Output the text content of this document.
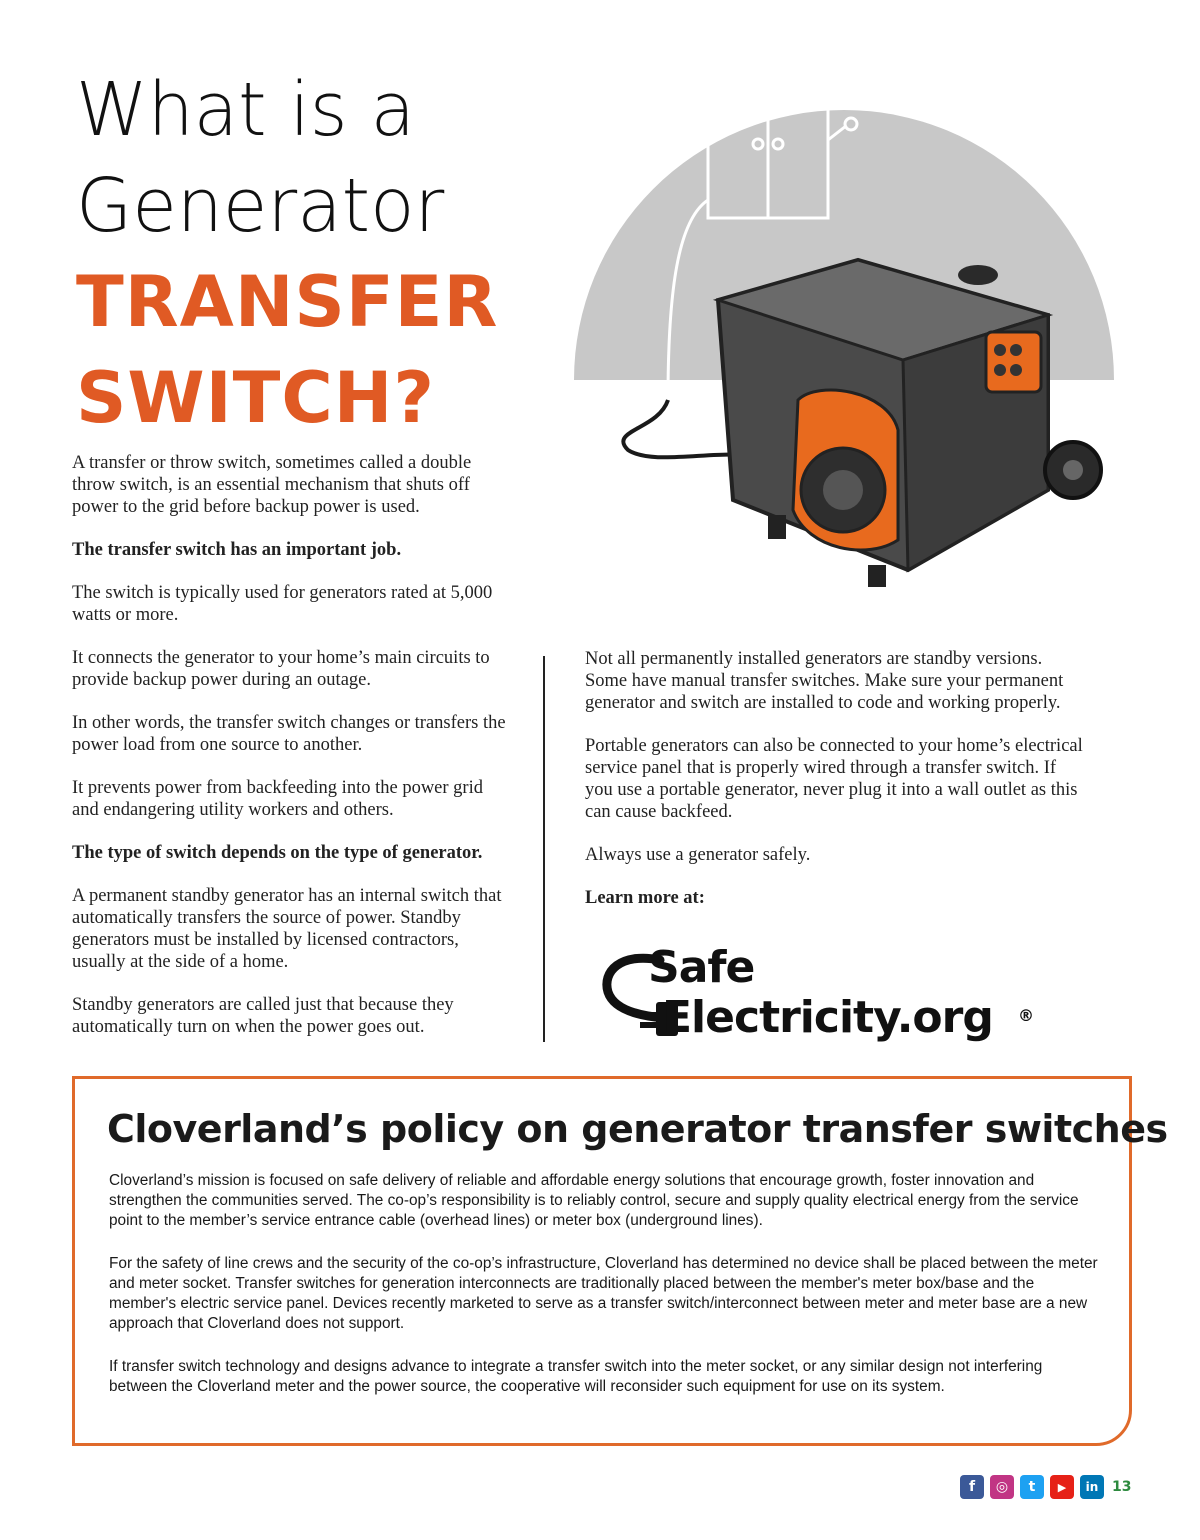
What is a
Generator
TRANSFER
SWITCH?

A transfer or throw switch, sometimes called a double throw switch, is an essential mechanism that shuts off power to the grid before backup power is used.

The transfer switch has an important job.

The switch is typically used for generators rated at 5,000 watts or more.

It connects the generator to your home’s main circuits to provide backup power during an outage.

In other words, the transfer switch changes or transfers the power load from one source to another.

It prevents power from backfeeding into the power grid and endangering utility workers and others.

The type of switch depends on the type of generator.

A permanent standby generator has an internal switch that automatically transfers the source of power. Standby generators must be installed by licensed contractors, usually at the side of a home.

Standby generators are called just that because they automatically turn on when the power goes out.

Not all permanently installed generators are standby versions. Some have manual transfer switches. Make sure your permanent generator and switch are installed to code and working properly.

Portable generators can also be connected to your home’s electrical service panel that is properly wired through a transfer switch. If you use a portable generator, never plug it into a wall outlet as this can cause backfeed.

Always use a generator safely.

Learn more at:

Safe
Electricity.org ®
Cloverland’s policy on generator transfer switches

Cloverland’s mission is focused on safe delivery of reliable and affordable energy solutions that encourage growth, foster innovation and strengthen the communities served. The co-op’s responsibility is to reliably control, secure and supply quality electrical energy from the service point to the member’s service entrance cable (overhead lines) or meter box (underground lines).

For the safety of line crews and the security of the co-op’s infrastructure, Cloverland has determined no device shall be placed between the meter and meter socket. Transfer switches for generation interconnects are traditionally placed between the member's meter box/base and the member's electric service panel. Devices recently marketed to serve as a transfer switch/interconnect between meter and meter base are a new approach that Cloverland does not support.

If transfer switch technology and designs advance to integrate a transfer switch into the meter socket, or any similar design not interfering between the Cloverland meter and the power source, the cooperative will reconsider such equipment for use on its system.

f	◎	t	▶	in 13
